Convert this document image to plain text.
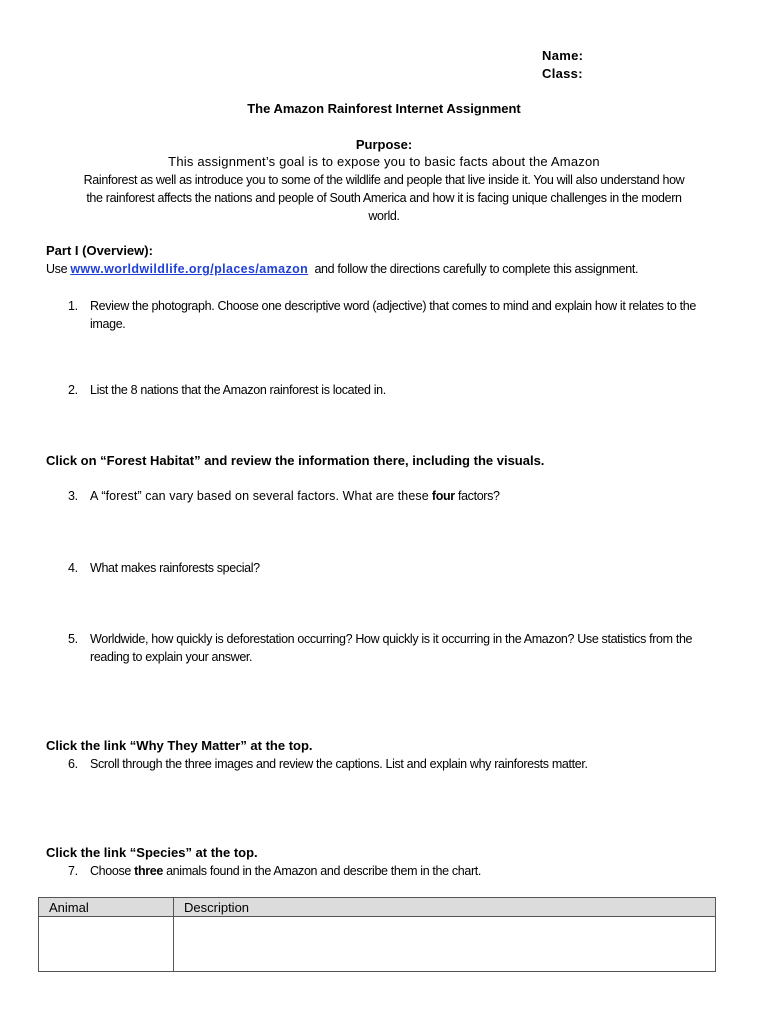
Name:
Class:
The Amazon Rainforest Internet Assignment
Purpose:
This assignment’s goal is to expose you to basic facts about the Amazon
Rainforest as well as introduce you to some of the wildlife and people that live inside it. You will also understand how
the rainforest affects the nations and people of South America and how it is facing unique challenges in the modern
world.
Part I (Overview):
Use www.worldwildlife.org/places/amazon and follow the directions carefully to complete this assignment.
1. Review the photograph. Choose one descriptive word (adjective) that comes to mind and explain how it relates to the image.
2. List the 8 nations that the Amazon rainforest is located in.
Click on “Forest Habitat” and review the information there, including the visuals.
3. A “forest” can vary based on several factors. What are these four factors?
4. What makes rainforests special?
5. Worldwide, how quickly is deforestation occurring? How quickly is it occurring in the Amazon? Use statistics from the reading to explain your answer.
Click the link “Why They Matter” at the top.
6. Scroll through the three images and review the captions. List and explain why rainforests matter.
Click the link “Species” at the top.
7. Choose three animals found in the Amazon and describe them in the chart.
Animal	Description
